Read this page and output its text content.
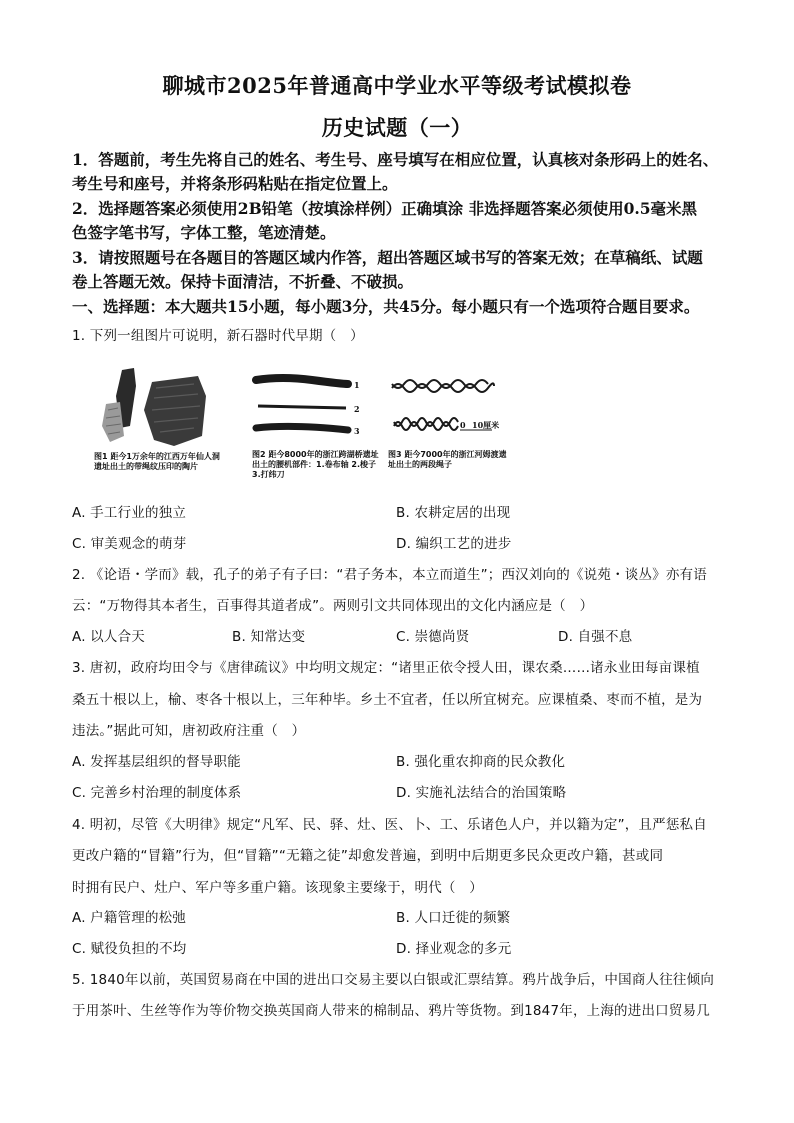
聊城市2025年普通高中学业水平等级考试模拟卷
历史试题（一）
1．答题前，考生先将自己的姓名、考生号、座号填写在相应位置，认真核对条形码上的姓名、
考生号和座号，并将条形码粘贴在指定位置上。
2．选择题答案必须使用2B铅笔（按填涂样例）正确填涂 非选择题答案必须使用0.5毫米黑
色签字笔书写，字体工整，笔迹清楚。
3．请按照题号在各题目的答题区域内作答，超出答题区域书写的答案无效；在草稿纸、试题
卷上答题无效。保持卡面清洁，不折叠、不破损。
一、选择题：本大题共15小题，每小题3分，共45分。每小题只有一个选项符合题目要求。
1. 下列一组图片可说明，新石器时代早期（　）
图1 距今1万余年的江西万年仙人洞遗址出土的带绳纹压印的陶片
1
2
3
图2 距今8000年的浙江跨湖桥遗址出土的腰机部件：1.卷布轴 2.梭子 3.打纬刀
0 10厘米
图3 距今7000年的浙江河姆渡遗址出土的两段绳子
A. 手工行业的独立	B. 农耕定居的出现
C. 审美观念的萌芽	D. 编织工艺的进步
2. 《论语・学而》载，孔子的弟子有子曰：“君子务本，本立而道生”；西汉刘向的《说苑・谈丛》亦有语
云：“万物得其本者生，百事得其道者成”。两则引文共同体现出的文化内涵应是（　）
A. 以人合天	B. 知常达变	C. 崇德尚贤	D. 自强不息
3. 唐初，政府均田令与《唐律疏议》中均明文规定：“诸里正依令授人田，课农桑……诸永业田每亩课植
桑五十根以上，榆、枣各十根以上，三年种毕。乡土不宜者，任以所宜树充。应课植桑、枣而不植，是为
违法。”据此可知，唐初政府注重（　）
A. 发挥基层组织的督导职能	B. 强化重农抑商的民众教化
C. 完善乡村治理的制度体系	D. 实施礼法结合的治国策略
4. 明初，尽管《大明律》规定“凡军、民、驿、灶、医、卜、工、乐诸色人户，并以籍为定”，且严惩私自
更改户籍的“冒籍”行为，但“冒籍”“无籍之徒”却愈发普遍，到明中后期更多民众更改户籍，甚或同
时拥有民户、灶户、军户等多重户籍。该现象主要缘于，明代（　）
A. 户籍管理的松弛	B. 人口迁徙的频繁
C. 赋役负担的不均	D. 择业观念的多元
5. 1840年以前，英国贸易商在中国的进出口交易主要以白银或汇票结算。鸦片战争后，中国商人往往倾向
于用茶叶、生丝等作为等价物交换英国商人带来的棉制品、鸦片等货物。到1847年，上海的进出口贸易几
